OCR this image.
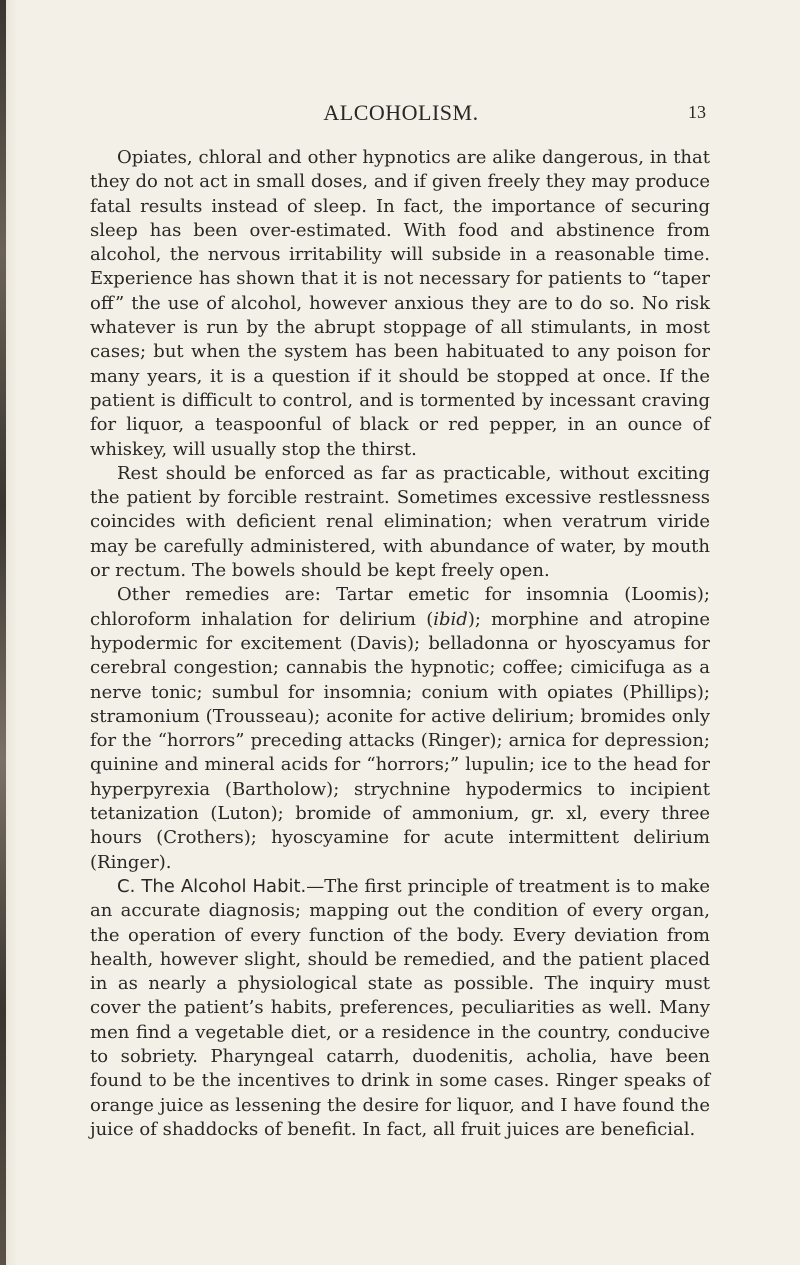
ALCOHOLISM.	13

Opiates, chloral and other hypnotics are alike dangerous, in that they do not act in small doses, and if given freely they may produce fatal results instead of sleep. In fact, the importance of securing sleep has been over-estimated. With food and abstinence from alcohol, the nervous irritability will subside in a reasonable time. Experience has shown that it is not necessary for patients to “taper off” the use of alcohol, however anxious they are to do so. No risk whatever is run by the abrupt stoppage of all stimulants, in most cases; but when the system has been habituated to any poison for many years, it is a question if it should be stopped at once. If the patient is difficult to control, and is tormented by incessant craving for liquor, a teaspoonful of black or red pepper, in an ounce of whiskey, will usually stop the thirst.

Rest should be enforced as far as practicable, without exciting the patient by forcible restraint. Sometimes excessive restlessness coincides with deficient renal elimination; when veratrum viride may be carefully administered, with abundance of water, by mouth or rectum. The bowels should be kept freely open.

Other remedies are: Tartar emetic for insomnia (Loomis); chloroform inhalation for delirium (ibid); morphine and atropine hypodermic for excitement (Davis); belladonna or hyoscyamus for cerebral congestion; cannabis the hypnotic; coffee; cimicifuga as a nerve tonic; sumbul for insomnia; conium with opiates (Phillips); stramonium (Trousseau); aconite for active delirium; bromides only for the “horrors” preceding attacks (Ringer); arnica for depression; quinine and mineral acids for “horrors;” lupulin; ice to the head for hyperpyrexia (Bartholow); strychnine hypodermics to incipient tetanization (Luton); bromide of ammonium, gr. xl, every three hours (Crothers); hyoscyamine for acute intermittent delirium (Ringer).

C. The Alcohol Habit.—The first principle of treatment is to make an accurate diagnosis; mapping out the condition of every organ, the operation of every function of the body. Every deviation from health, however slight, should be remedied, and the patient placed in as nearly a physiological state as possible. The inquiry must cover the patient’s habits, preferences, peculiarities as well. Many men find a vegetable diet, or a residence in the country, conducive to sobriety. Pharyngeal catarrh, duodenitis, acholia, have been found to be the incentives to drink in some cases. Ringer speaks of orange juice as lessening the desire for liquor, and I have found the juice of shaddocks of benefit. In fact, all fruit juices are beneficial.
